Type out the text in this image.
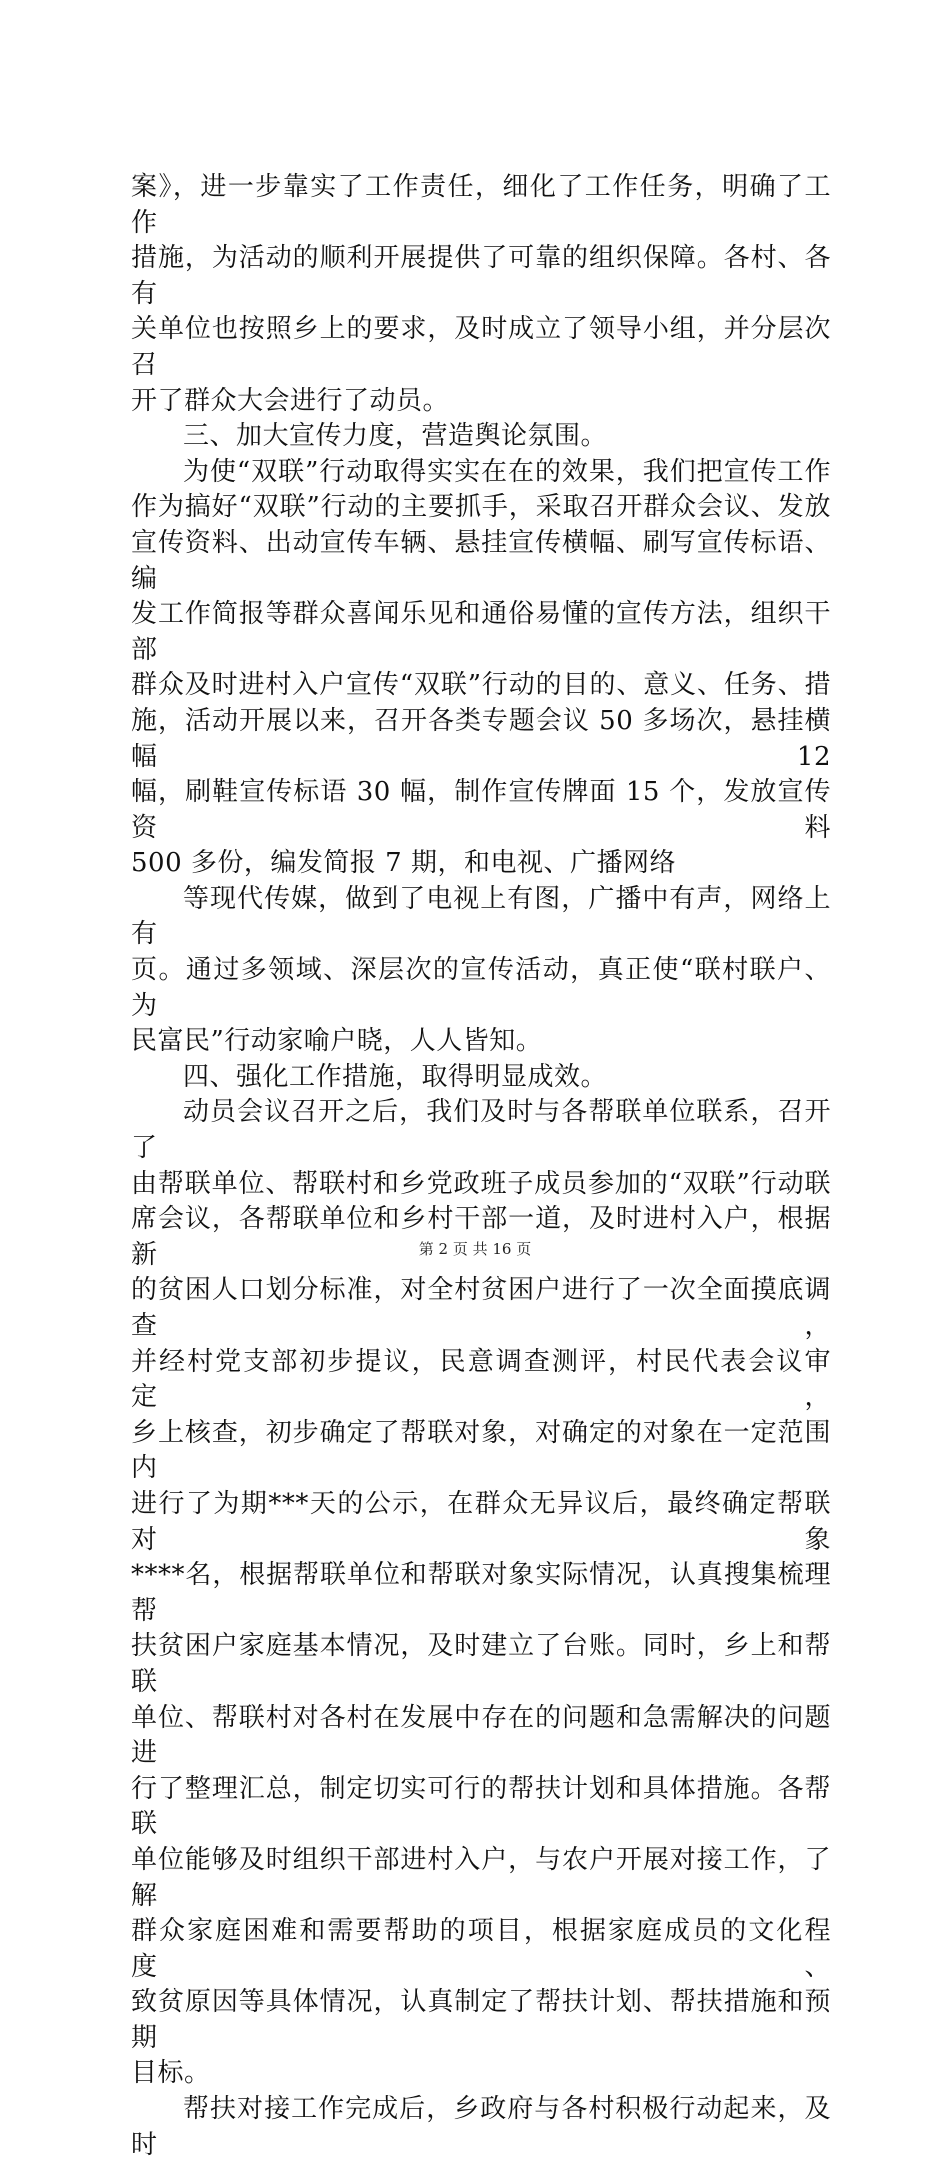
案》，进一步靠实了工作责任，细化了工作任务，明确了工作
措施，为活动的顺利开展提供了可靠的组织保障。各村、各有
关单位也按照乡上的要求，及时成立了领导小组，并分层次召
开了群众大会进行了动员。
三、加大宣传力度，营造舆论氛围。
为使“双联”行动取得实实在在的效果，我们把宣传工作
作为搞好“双联”行动的主要抓手，采取召开群众会议、发放
宣传资料、出动宣传车辆、悬挂宣传横幅、刷写宣传标语、编
发工作简报等群众喜闻乐见和通俗易懂的宣传方法，组织干部
群众及时进村入户宣传“双联”行动的目的、意义、任务、措
施，活动开展以来，召开各类专题会议 50 多场次，悬挂横幅 12
幅，刷鞋宣传标语 30 幅，制作宣传牌面 15 个，发放宣传资料
500 多份，编发简报 7 期，和电视、广播网络
等现代传媒，做到了电视上有图，广播中有声，网络上有
页。通过多领域、深层次的宣传活动，真正使“联村联户、为
民富民”行动家喻户晓，人人皆知。
四、强化工作措施，取得明显成效。
动员会议召开之后，我们及时与各帮联单位联系，召开了
由帮联单位、帮联村和乡党政班子成员参加的“双联”行动联
席会议，各帮联单位和乡村干部一道，及时进村入户，根据新
的贫困人口划分标准，对全村贫困户进行了一次全面摸底调查，
并经村党支部初步提议，民意调查测评，村民代表会议审定，
乡上核查，初步确定了帮联对象，对确定的对象在一定范围内
进行了为期***天的公示，在群众无异议后，最终确定帮联对象
****名，根据帮联单位和帮联对象实际情况，认真搜集梳理帮
扶贫困户家庭基本情况，及时建立了台账。同时，乡上和帮联
单位、帮联村对各村在发展中存在的问题和急需解决的问题进
行了整理汇总，制定切实可行的帮扶计划和具体措施。各帮联
单位能够及时组织干部进村入户，与农户开展对接工作，了解
群众家庭困难和需要帮助的项目，根据家庭成员的文化程度、
致贫原因等具体情况，认真制定了帮扶计划、帮扶措施和预期
目标。
帮扶对接工作完成后，乡政府与各村积极行动起来，及时
第 2 页 共 16 页
